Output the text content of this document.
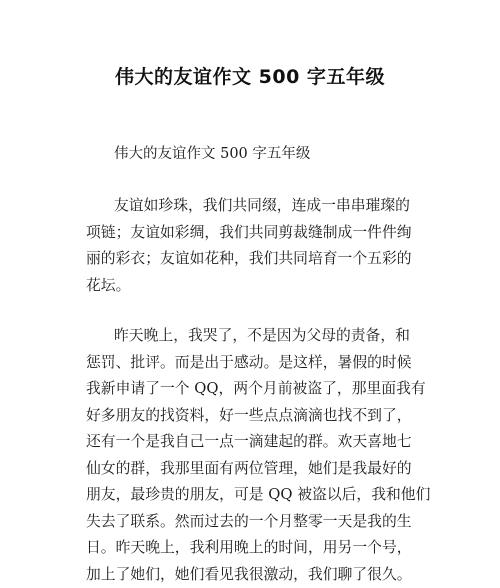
伟大的友谊作文 500 字五年级

伟大的友谊作文 500 字五年级

友谊如珍珠，我们共同缀，连成一串串璀璨的
项链；友谊如彩绸，我们共同剪裁缝制成一件件绚
丽的彩衣；友谊如花种，我们共同培育一个五彩的
花坛。
昨天晚上，我哭了，不是因为父母的责备，和
惩罚、批评。而是出于感动。是这样，暑假的时候
我新申请了一个 QQ，两个月前被盗了，那里面我有
好多朋友的找资料，好一些点点滴滴也找不到了，
还有一个是我自己一点一滴建起的群。欢天喜地七
仙女的群，我那里面有两位管理，她们是我最好的
朋友，最珍贵的朋友，可是 QQ 被盗以后，我和他们
失去了联系。然而过去的一个月整零一天是我的生
日。昨天晚上，我利用晚上的时间，用另一个号，
加上了她们，她们看见我很激动，我们聊了很久。
